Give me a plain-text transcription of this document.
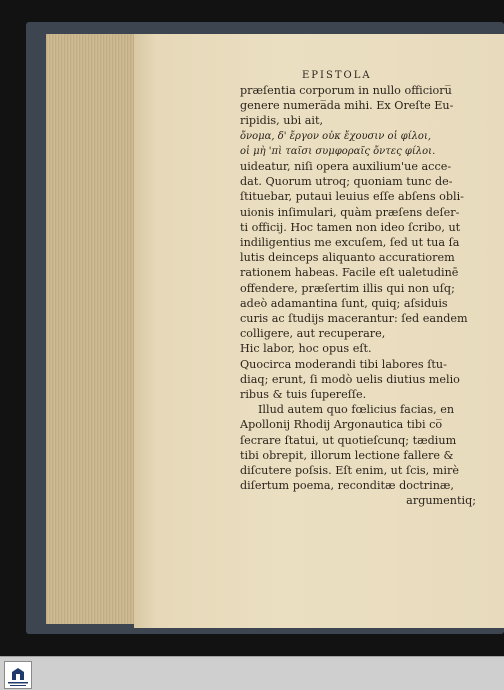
EPISTOLA
præſentia corporum in nullo officioru̅
genere numera̅da mihi. Ex Oreſte Eu-
ripidis, ubi ait,
ὄνομα, δ' ἔργον οὐκ ἔχουσιν οἱ φίλοι,
οἱ μὴ 'πὶ ταῖσι συμφοραῖς ὄντες φίλοι.
uideatur, niſi opera auxilium'ue acce-
dat. Quorum utroq; quoniam tunc de-
ſtituebar, putaui leuius eſſe abſens obli-
uionis inſimulari, quàm præſens deſer-
ti officij. Hoc tamen non ideo ſcribo, ut
indiligentius me excuſem, ſed ut tua ſa
lutis deinceps aliquanto accuratiorem
rationem habeas. Facile eſt ualetudinē
offendere, præſertim illis qui non uſq;
adeò adamantina ſunt, quiq; aſsiduis
curis ac ſtudijs macerantur: ſed eandem
colligere, aut recuperare,
Hic labor, hoc opus eſt.
Quocirca moderandi tibi labores ſtu-
diaq; erunt, ſi modò uelis diutius melio
ribus & tuis ſupereſſe.
Illud autem quo fœlicius facias, en
Apollonij Rhodij Argonautica tibi co̅
ſecrare ſtatui, ut quotieſcunq; tædium
tibi obrepit, illorum lectione fallere &
diſcutere poſsis. Eſt enim, ut ſcis, mirè
diſertum poema, reconditæ doctrinæ,
argumentiq;
